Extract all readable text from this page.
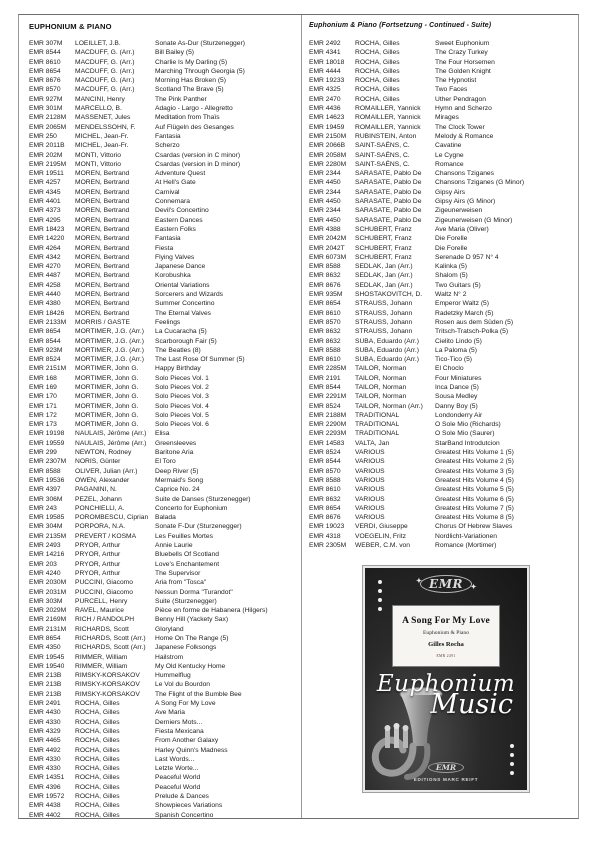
EUPHONIUM & PIANO
EMR 307M	LOEILLET, J.B.	Sonate As-Dur (Sturzenegger)
EMR 8544	MACDUFF, G. (Arr.)	Bill Bailey (5)
EMR 8610	MACDUFF, G. (Arr.)	Charlie Is My Darling (5)
EMR 8654	MACDUFF, G. (Arr.)	Marching Through Georgia (5)
EMR 8676	MACDUFF, G. (Arr.)	Morning Has Broken (5)
EMR 8570	MACDUFF, G. (Arr.)	Scotland The Brave (5)
EMR 927M	MANCINI, Henry	The Pink Panther
EMR 301M	MARCELLO, B.	Adagio - Largo - Allegretto
EMR 2128M	MASSENET, Jules	Meditation from Thaïs
EMR 2065M	MENDELSSOHN, F.	Auf Flügeln des Gesanges
EMR 250	MICHEL, Jean-Fr.	Fantasia
EMR 2011B	MICHEL, Jean-Fr.	Scherzo
EMR 202M	MONTI, Vittorio	Csardas (version in C minor)
EMR 2195M	MONTI, Vittorio	Csardas (version in D minor)
EMR 19511	MOREN, Bertrand	Adventure Quest
EMR 4257	MOREN, Bertrand	At Hell's Gate
EMR 4345	MOREN, Bertrand	Carnival
EMR 4401	MOREN, Bertrand	Connemara
EMR 4373	MOREN, Bertrand	Devil's Concertino
EMR 4295	MOREN, Bertrand	Eastern Dances
EMR 18423	MOREN, Bertrand	Eastern Folks
EMR 14220	MOREN, Bertrand	Fantasia
EMR 4264	MOREN, Bertrand	Fiesta
EMR 4342	MOREN, Bertrand	Flying Valves
EMR 4270	MOREN, Bertrand	Japanese Dance
EMR 4487	MOREN, Bertrand	Korobushka
EMR 4258	MOREN, Bertrand	Oriental Variations
EMR 4440	MOREN, Bertrand	Sorcerers and Wizards
EMR 4380	MOREN, Bertrand	Summer Concertino
EMR 18426	MOREN, Bertrand	The Eternal Valves
EMR 2133M	MORRIS / GASTE	Feelings
EMR 8654	MORTIMER, J.G. (Arr.)	La Cucaracha (5)
EMR 8544	MORTIMER, J.G. (Arr.)	Scarborough Fair (5)
EMR 923M	MORTIMER, J.G. (Arr.)	The Beatles (8)
EMR 8524	MORTIMER, J.G. (Arr.)	The Last Rose Of Summer (5)
EMR 2151M	MORTIMER, John G.	Happy Birthday
EMR 168	MORTIMER, John G.	Solo Pieces Vol. 1
EMR 169	MORTIMER, John G.	Solo Pieces Vol. 2
EMR 170	MORTIMER, John G.	Solo Pieces Vol. 3
EMR 171	MORTIMER, John G.	Solo Pieces Vol. 4
EMR 172	MORTIMER, John G.	Solo Pieces Vol. 5
EMR 173	MORTIMER, John G.	Solo Pieces Vol. 6
EMR 19198	NAULAIS, Jérôme (Arr.)	Elisa
EMR 19559	NAULAIS, Jérôme (Arr.)	Greensleeves
EMR 299	NEWTON, Rodney	Baritone Aria
EMR 2307M	NORIS, Günter	El Toro
EMR 8588	OLIVER, Julian (Arr.)	Deep River (5)
EMR 19536	OWEN, Alexander	Mermaid's Song
EMR 4397	PAGANINI, N.	Caprice No. 24
EMR 306M	PEZEL, Johann	Suite de Danses (Sturzenegger)
EMR 243	PONCHIELLI, A.	Concerto for Euphonium
EMR 19585	POROMBESCU, Ciprian	Balada
EMR 304M	PORPORA, N.A.	Sonate F-Dur (Sturzenegger)
EMR 2135M	PREVERT / KOSMA	Les Feuilles Mortes
EMR 2493	PRYOR, Arthur	Annie Laurie
EMR 14216	PRYOR, Arthur	Bluebells Of Scotland
EMR 203	PRYOR, Arthur	Love's Enchantement
EMR 4240	PRYOR, Arthur	The Supervisor
EMR 2030M	PUCCINI, Giacomo	Aria from "Tosca"
EMR 2031M	PUCCINI, Giacomo	Nessun Dorma "Turandot"
EMR 303M	PURCELL, Henry	Suite (Sturzenegger)
EMR 2029M	RAVEL, Maurice	Pièce en forme de Habanera (Hilgers)
EMR 2169M	RICH / RANDOLPH	Benny Hill (Yackety Sax)
EMR 2131M	RICHARDS, Scott	Gloryland
EMR 8654	RICHARDS, Scott (Arr.)	Home On The Range (5)
EMR 4350	RICHARDS, Scott (Arr.)	Japanese Folksongs
EMR 19545	RIMMER, William	Hailstrom
EMR 19540	RIMMER, William	My Old Kentucky Home
EMR 213B	RIMSKY-KORSAKOV	Hummelflug
EMR 213B	RIMSKY-KORSAKOV	Le Vol du Bourdon
EMR 213B	RIMSKY-KORSAKOV	The Flight of the Bumble Bee
EMR 2491	ROCHA, Gilles	A Song For My Love
EMR 4430	ROCHA, Gilles	Ave Maria
EMR 4330	ROCHA, Gilles	Derniers Mots...
EMR 4329	ROCHA, Gilles	Fiesta Mexicana
EMR 4465	ROCHA, Gilles	From Another Galaxy
EMR 4492	ROCHA, Gilles	Harley Quinn's Madness
EMR 4330	ROCHA, Gilles	Last Words...
EMR 4330	ROCHA, Gilles	Letzte Worte...
EMR 14351	ROCHA, Gilles	Peaceful World
EMR 4396	ROCHA, Gilles	Peaceful World
EMR 19572	ROCHA, Gilles	Prelude & Dances
EMR 4438	ROCHA, Gilles	Showpieces Variations
EMR 4402	ROCHA, Gilles	Spanish Concertino
Euphonium & Piano (Fortsetzung - Continued - Suite)
EMR 2492	ROCHA, Gilles	Sweet Euphonium
EMR 4341	ROCHA, Gilles	The Crazy Turkey
EMR 18018	ROCHA, Gilles	The Four Horsemen
EMR 4444	ROCHA, Gilles	The Golden Knight
EMR 19233	ROCHA, Gilles	The Hypnotist
EMR 4325	ROCHA, Gilles	Two Faces
EMR 2470	ROCHA, Gilles	Uther Pendragon
EMR 4436	ROMAILLER, Yannick	Hymn and Scherzo
EMR 14623	ROMAILLER, Yannick	Mirages
EMR 19459	ROMAILLER, Yannick	The Clock Tower
EMR 2150M	RUBINSTEIN, Anton	Melody & Romance
EMR 2066B	SAINT-SAËNS, C.	Cavatine
EMR 2058M	SAINT-SAËNS, C.	Le Cygne
EMR 2280M	SAINT-SAËNS, C.	Romance
EMR 2344	SARASATE, Pablo De	Chansons Tziganes
EMR 4450	SARASATE, Pablo De	Chansons Tziganes (G Minor)
EMR 2344	SARASATE, Pablo De	Gipsy Airs
EMR 4450	SARASATE, Pablo De	Gipsy Airs (G Minor)
EMR 2344	SARASATE, Pablo De	Zigeunerweisen
EMR 4450	SARASATE, Pablo De	Zigeunerweisen (G Minor)
EMR 4388	SCHUBERT, Franz	Ave Maria (Oliver)
EMR 2042M	SCHUBERT, Franz	Die Forelle
EMR 2042T	SCHUBERT, Franz	Die Forelle
EMR 6073M	SCHUBERT, Franz	Serenade D 957 N° 4
EMR 8588	SEDLAK, Jan (Arr.)	Kalinka (5)
EMR 8632	SEDLAK, Jan (Arr.)	Shalom (5)
EMR 8676	SEDLAK, Jan (Arr.)	Two Guitars (5)
EMR 935M	SHOSTAKOVITCH, D.	Waltz N° 2
EMR 8654	STRAUSS, Johann	Emperor Waltz (5)
EMR 8610	STRAUSS, Johann	Radetzky March (5)
EMR 8570	STRAUSS, Johann	Rosen aus dem Süden (5)
EMR 8632	STRAUSS, Johann	Tritsch-Tratsch-Polka (5)
EMR 8632	SUBA, Eduardo (Arr.)	Cielito Lindo (5)
EMR 8588	SUBA, Eduardo (Arr.)	La Paloma (5)
EMR 8610	SUBA, Eduardo (Arr.)	Tico-Tico (5)
EMR 2285M	TAILOR, Norman	El Choclo
EMR 2191	TAILOR, Norman	Four Miniatures
EMR 8544	TAILOR, Norman	Inca Dance (5)
EMR 2291M	TAILOR, Norman	Sousa Medley
EMR 8524	TAILOR, Norman (Arr.)	Danny Boy (5)
EMR 2188M	TRADITIONAL	Londonderry Air
EMR 2290M	TRADITIONAL	O Sole Mio (Richards)
EMR 2293M	TRADITIONAL	O Sole Mio (Saurer)
EMR 14583	VALTA, Jan	StarBand Introdutcion
EMR 8524	VARIOUS	Greatest Hits Volume 1 (5)
EMR 8544	VARIOUS	Greatest Hits Volume 2 (5)
EMR 8570	VARIOUS	Greatest Hits Volume 3 (5)
EMR 8588	VARIOUS	Greatest Hits Volume 4 (5)
EMR 8610	VARIOUS	Greatest Hits Volume 5 (5)
EMR 8632	VARIOUS	Greatest Hits Volume 6 (5)
EMR 8654	VARIOUS	Greatest Hits Volume 7 (5)
EMR 8676	VARIOUS	Greatest Hits Volume 8 (5)
EMR 19023	VERDI, Giuseppe	Chorus Of Hebrew Slaves
EMR 4318	VOEGELIN, Fritz	Nordlicht-Variationen
EMR 2305M	WEBER, C.M. von	Romance (Mortimer)
✦ EMR ✦
A Song For My Love
Euphonium & Piano
Gilles Rocha
EMR 2491
Euphonium
Music
EMR
EDITIONS MARC REIFT
